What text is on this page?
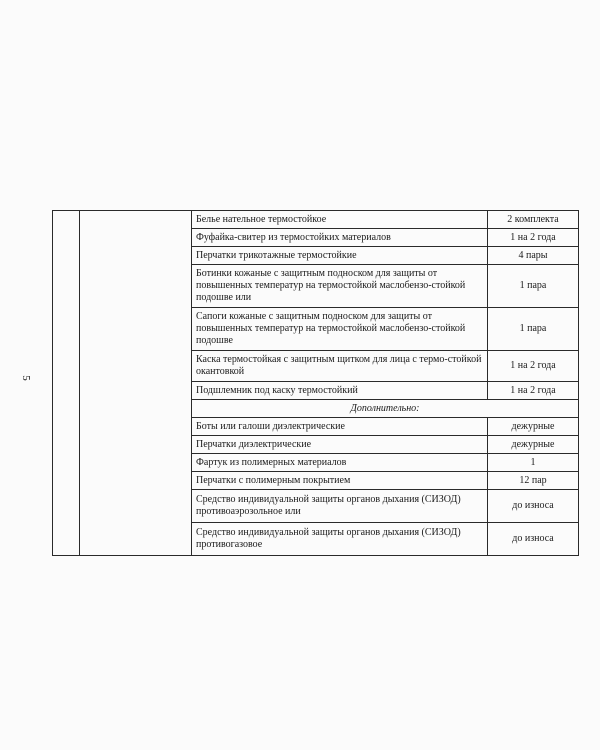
5
		Белье нательное термостойкое	2 комплекта
		Фуфайка-свитер из термостойких материалов	1 на 2 года
		Перчатки трикотажные термостойкие	4 пары
		Ботинки кожаные с защитным подноском для защиты от повышенных температур на термостойкой маслобензо-стойкой подошве или	1 пара
		Сапоги кожаные с защитным подноском для защиты от повышенных температур на термостойкой маслобензо-стойкой подошве	1 пара
		Каска термостойкая с защитным щитком для лица с термо-стойкой окантовкой	1 на 2 года
		Подшлемник под каску термостойкий	1 на 2 года
		Дополнительно:	
		Боты или галоши диэлектрические	дежурные
		Перчатки диэлектрические	дежурные
		Фартук из полимерных материалов	1
		Перчатки с полимерным покрытием	12 пар
		Средство индивидуальной защиты органов дыхания (СИЗОД) противоаэрозольное или	до износа
		Средство индивидуальной защиты органов дыхания (СИЗОД) противогазовое	до износа
